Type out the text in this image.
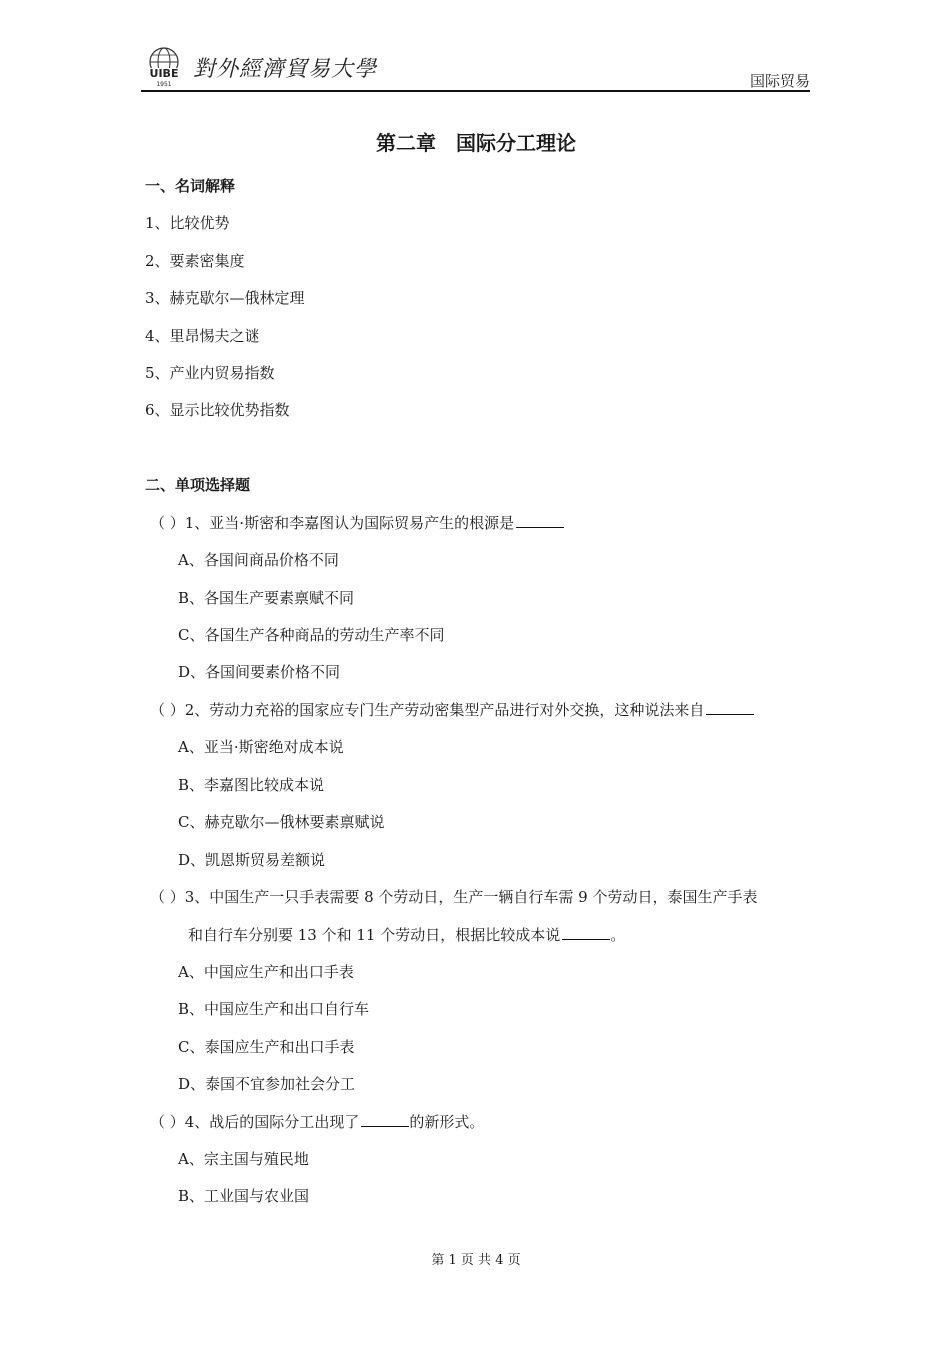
UIBE
1951
對外經濟貿易大學	国际贸易
第二章　国际分工理论
一、名词解释
1、比较优势
2、要素密集度
3、赫克歇尔—俄林定理
4、里昂惕夫之谜
5、产业内贸易指数
6、显示比较优势指数
二、单项选择题
（ ）1、亚当·斯密和李嘉图认为国际贸易产生的根源是
A、各国间商品价格不同
B、各国生产要素禀赋不同
C、各国生产各种商品的劳动生产率不同
D、各国间要素价格不同
（ ）2、劳动力充裕的国家应专门生产劳动密集型产品进行对外交换，这种说法来自
A、亚当·斯密绝对成本说
B、李嘉图比较成本说
C、赫克歇尔—俄林要素禀赋说
D、凯恩斯贸易差额说
（ ）3、中国生产一只手表需要 8 个劳动日，生产一辆自行车需 9 个劳动日，泰国生产手表
和自行车分别要 13 个和 11 个劳动日，根据比较成本说	。
A、中国应生产和出口手表
B、中国应生产和出口自行车
C、泰国应生产和出口手表
D、泰国不宜参加社会分工
（ ）4、战后的国际分工出现了	的新形式。
A、宗主国与殖民地
B、工业国与农业国
第 1 页 共 4 页
